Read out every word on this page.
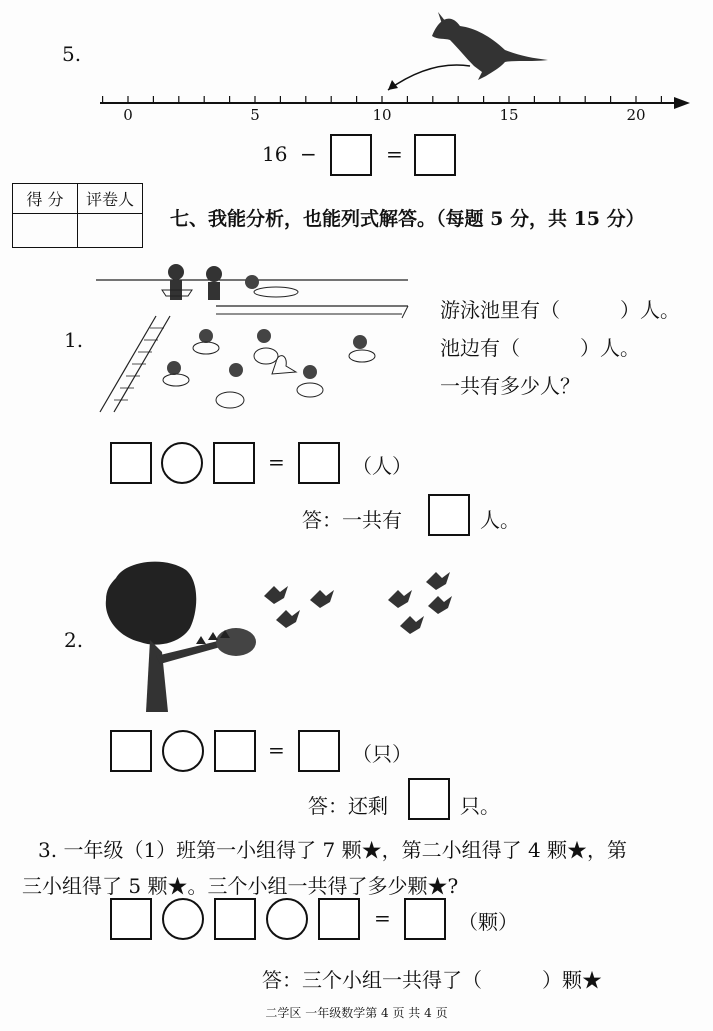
5.
0	5	10	15	20
16 −	=
得 分	评卷人

七、我能分析，也能列式解答。（每题 5 分，共 15 分）
1.
游泳池里有（　　　）人。
池边有（　　　）人。
一共有多少人？
=	（人）
答：一共有	人。
2.
=	（只）
答：还剩	只。
3. 一年级（1）班第一小组得了 7 颗★，第二小组得了 4 颗★，第
三小组得了 5 颗★。三个小组一共得了多少颗★?
=	（颗）
答：三个小组一共得了（　　　）颗★
二学区 一年级数学第 4 页 共 4 页
